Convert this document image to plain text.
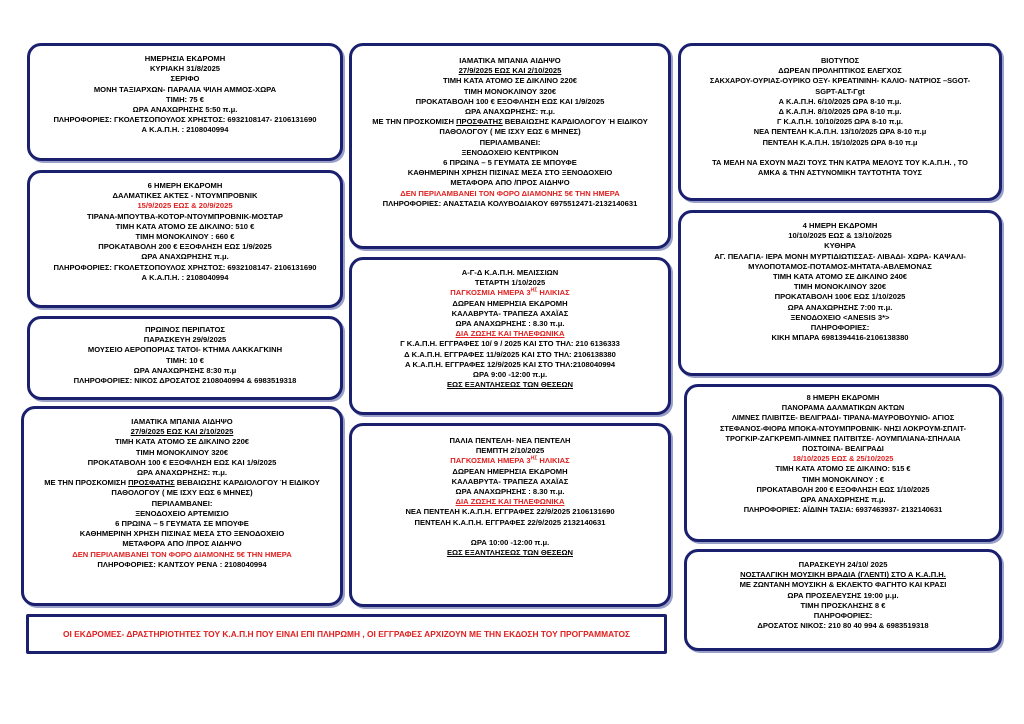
ΗΜΕΡΗΣΙΑ ΕΚΔΡΟΜΗ
ΚΥΡΙΑΚΗ 31/8/2025
ΣΕΡΙΦΟ
ΜΟΝΗ ΤΑΞΙΑΡΧΩΝ- ΠΑΡΑΛΙΑ ΨΙΛΗ ΑΜΜΟΣ-ΧΩΡΑ
ΤΙΜΗ: 75 €
ΩΡΑ ΑΝΑΧΩΡΗΣΗΣ 5:50 π.μ.
ΠΛΗΡΟΦΟΡΙΕΣ: ΓΚΟΛΕΤΣΟΠΟΥΛΟΣ ΧΡΗΣΤΟΣ: 6932108147- 2106131690
Α Κ.Α.Π.Η. : 2108040994
6 ΗΜΕΡΗ ΕΚΔΡΟΜΗ
ΔΑΛΜΑΤΙΚΕΣ ΑΚΤΕΣ - ΝΤΟΥΜΠΡΟΒΝΙΚ
15/9/2025 ΕΩΣ & 20/9/2025
ΤΙΡΑΝΑ-ΜΠΟΥΤΒΑ-ΚΟΤΟΡ-ΝΤΟΥΜΠΡΟΒΝΙΚ-ΜΟΣΤΑΡ
ΤΙΜΗ ΚΑΤΑ ΑΤΟΜΟ ΣΕ ΔΙΚΛΙΝΟ: 510 €
ΤΙΜΗ ΜΟΝΟΚΛΙΝΟΥ : 660 €
ΠΡΟΚΑΤΑΒΟΛΗ 200 € ΕΞΟΦΛΗΣΗ ΕΩΣ 1/9/2025
ΩΡΑ ΑΝΑΧΩΡΗΣΗΣ π.μ.
ΠΛΗΡΟΦΟΡΙΕΣ: ΓΚΟΛΕΤΣΟΠΟΥΛΟΣ ΧΡΗΣΤΟΣ: 6932108147- 2106131690
Α Κ.Α.Π.Η. : 2108040994
ΠΡΩΙΝΟΣ ΠΕΡΙΠΑΤΟΣ
ΠΑΡΑΣΚΕΥΗ 29/9/2025
ΜΟΥΣΕΙΟ ΑΕΡΟΠΟΡΙΑΣ ΤΑΤΟΙ- ΚΤΗΜΑ ΛΑΚΚΑΓΚΙΝΗ
ΤΙΜΗ: 10 €
ΩΡΑ ΑΝΑΧΩΡΗΣΗΣ 8:30 π.μ
ΠΛΗΡΟΦΟΡΙΕΣ: ΝΙΚΟΣ ΔΡΟΣΑΤΟΣ 2108040994 & 6983519318
ΙΑΜΑΤΙΚΑ ΜΠΑΝΙΑ ΑΙΔΗΨΟ
27/9/2025 ΕΩΣ ΚΑΙ 2/10/2025
ΤΙΜΗ ΚΑΤΑ ΑΤΟΜΟ ΣΕ ΔΙΚΛΙΝΟ 220€
ΤΙΜΗ ΜΟΝΟΚΛΙΝΟΥ 320€
ΠΡΟΚΑΤΑΒΟΛΗ 100 € ΕΞΟΦΛΗΣΗ ΕΩΣ ΚΑΙ 1/9/2025
ΩΡΑ ΑΝΑΧΩΡΗΣΗΣ: π.μ.
ΜΕ ΤΗΝ ΠΡΟΣΚΟΜΙΣΗ ΠΡΟΣΦΑΤΗΣ ΒΕΒΑΙΩΣΗΣ ΚΑΡΔΙΟΛΟΓΟΥ Ή ΕΙΔΙΚΟΥ
ΠΑΘΟΛΟΓΟΥ ( ΜΕ ΙΣΧΥ ΕΩΣ 6 ΜΗΝΕΣ)
ΠΕΡΙΛΑΜΒΑΝΕΙ:
ΞΕΝΟΔΟΧΕΙΟ ΑΡΤΕΜΙΣΙΟ
6 ΠΡΩΙΝΑ – 5 ΓΕΥΜΑΤΑ ΣΕ ΜΠΟΥΦΕ
ΚΑΘΗΜΕΡΙΝΗ ΧΡΗΣΗ ΠΙΣΙΝΑΣ ΜΕΣΑ ΣΤΟ ΞΕΝΟΔΟΧΕΙΟ
ΜΕΤΑΦΟΡΑ ΑΠΟ /ΠΡΟΣ ΑΙΔΗΨΟ
ΔΕΝ ΠΕΡΙΛΑΜΒΑΝΕΙ ΤΟΝ ΦΟΡΟ ΔΙΑΜΟΝΗΣ 5€ ΤΗΝ ΗΜΕΡΑ
ΠΛΗΡΟΦΟΡΙΕΣ: ΚΑΝΤΣΟΥ ΡΕΝΑ : 2108040994
ΙΑΜΑΤΙΚΑ ΜΠΑΝΙΑ ΑΙΔΗΨΟ
27/9/2025 ΕΩΣ ΚΑΙ 2/10/2025
ΤΙΜΗ ΚΑΤΑ ΑΤΟΜΟ ΣΕ ΔΙΚΛΙΝΟ 220€
ΤΙΜΗ ΜΟΝΟΚΛΙΝΟΥ 320€
ΠΡΟΚΑΤΑΒΟΛΗ 100 € ΕΞΟΦΛΗΣΗ ΕΩΣ ΚΑΙ 1/9/2025
ΩΡΑ ΑΝΑΧΩΡΗΣΗΣ: π.μ.
ΜΕ ΤΗΝ ΠΡΟΣΚΟΜΙΣΗ ΠΡΟΣΦΑΤΗΣ ΒΕΒΑΙΩΣΗΣ ΚΑΡΔΙΟΛΟΓΟΥ Ή ΕΙΔΙΚΟΥ
ΠΑΘΟΛΟΓΟΥ ( ΜΕ ΙΣΧΥ ΕΩΣ 6 ΜΗΝΕΣ)
ΠΕΡΙΛΑΜΒΑΝΕΙ:
ΞΕΝΟΔΟΧΕΙΟ ΚΕΝΤΡΙΚΟΝ
6 ΠΡΩΙΝΑ – 5 ΓΕΥΜΑΤΑ ΣΕ ΜΠΟΥΦΕ
ΚΑΘΗΜΕΡΙΝΗ ΧΡΗΣΗ ΠΙΣΙΝΑΣ ΜΕΣΑ ΣΤΟ ΞΕΝΟΔΟΧΕΙΟ
ΜΕΤΑΦΟΡΑ ΑΠΟ /ΠΡΟΣ ΑΙΔΗΨΟ
ΔΕΝ ΠΕΡΙΛΑΜΒΑΝΕΙ ΤΟΝ ΦΟΡΟ ΔΙΑΜΟΝΗΣ 5€ ΤΗΝ ΗΜΕΡΑ
ΠΛΗΡΟΦΟΡΙΕΣ: ΑΝΑΣΤΑΣΙΑ ΚΟΛΥΒΟΔΙΑΚΟΥ 6975512471-2132140631
Α-Γ-Δ Κ.Α.Π.Η. ΜΕΛΙΣΣΙΩΝ
ΤΕΤΑΡΤΗ 1/10/2025
ΠΑΓΚΟΣΜΙΑ ΗΜΕΡΑ $3^{H\Sigma}$ ΗΛΙΚΙΑΣ
ΔΩΡΕΑΝ ΗΜΕΡΗΣΙΑ ΕΚΔΡΟΜΗ
ΚΑΛΑΒΡΥΤΑ- ΤΡΑΠΕΖΑ ΑΧΑΪΑΣ
ΩΡΑ ΑΝΑΧΩΡΗΣΗΣ : 8.30 π.μ.
ΔΙΑ ΖΩΣΗΣ ΚΑΙ ΤΗΛΕΦΩΝΙΚΑ
Γ Κ.Α.Π.Η. ΕΓΓΡΑΦΕΣ 10/ 9 / 2025 ΚΑΙ ΣΤΟ ΤΗΛ: 210 6136333
Δ Κ.Α.Π.Η. ΕΓΓΡΑΦΕΣ 11/9/2025 ΚΑΙ ΣΤΟ ΤΗΛ: 2106138380
Α Κ.Α.Π.Η. ΕΓΓΡΑΦΕΣ 12/9/2025 ΚΑΙ ΣΤΟ ΤΗΛ:2108040994
ΩΡΑ 9:00 -12:00 π.μ.
ΕΩΣ ΕΞΑΝΤΛΗΣΕΩΣ ΤΩΝ ΘΕΣΕΩΝ
ΠΑΛΙΑ ΠΕΝΤΕΛΗ- ΝΕΑ ΠΕΝΤΕΛΗ
ΠΕΜΠΤΗ 2/10/2025
ΠΑΓΚΟΣΜΙΑ ΗΜΕΡΑ $3^{H\Sigma}$ ΗΛΙΚΙΑΣ
ΔΩΡΕΑΝ ΗΜΕΡΗΣΙΑ ΕΚΔΡΟΜΗ
ΚΑΛΑΒΡΥΤΑ- ΤΡΑΠΕΖΑ ΑΧΑΪΑΣ
ΩΡΑ ΑΝΑΧΩΡΗΣΗΣ : 8.30 π.μ.
ΔΙΑ ΖΩΣΗΣ ΚΑΙ ΤΗΛΕΦΩΝΙΚΑ
ΝΕΑ ΠΕΝΤΕΛΗ Κ.Α.Π.Η. ΕΓΓΡΑΦΕΣ 22/9/2025 2106131690
ΠΕΝΤΕΛΗ Κ.Α.Π.Η. ΕΓΓΡΑΦΕΣ 22/9/2025 2132140631
ΩΡΑ 10:00 -12:00 π.μ.
ΕΩΣ ΕΞΑΝΤΛΗΣΕΩΣ ΤΩΝ ΘΕΣΕΩΝ
ΒΙΟΤΥΠΟΣ
ΔΩΡΕΑΝ ΠΡΟΛΗΠΤΙΚΟΣ ΕΛΕΓΧΟΣ
ΣΑΚΧΑΡΟΥ-ΟΥΡΙΑΣ-ΟΥΡΙΚΟ ΟΞΥ- ΚΡΕΑΤΙΝΙΝΗ- ΚΑΛΙΟ- ΝΑΤΡΙΟΣ –SGOT-
SGPT-ALT-Γgt
Α Κ.Α.Π.Η. 6/10/2025 ΩΡΑ 8-10 π.μ.
Δ Κ.Α.Π.Η. 8/10/2025 ΩΡΑ 8-10 π.μ.
Γ Κ.Α.Π.Η. 10/10/2025 ΩΡΑ 8-10 π.μ.
ΝΕΑ ΠΕΝΤΕΛΗ Κ.Α.Π.Η. 13/10/2025 ΩΡΑ 8-10 π.μ
ΠΕΝΤΕΛΗ Κ.Α.Π.Η. 15/10/2025 ΩΡΑ 8-10 π.μ
ΤΑ ΜΕΛΗ ΝΑ ΕΧΟΥΝ ΜΑΖΙ ΤΟΥΣ ΤΗΝ ΚΑΤΡΑ ΜΕΛΟΥΣ ΤΟΥ Κ.Α.Π.Η. , ΤΟ
ΑΜΚΑ & ΤΗΝ ΑΣΤΥΝΟΜΙΚΗ ΤΑΥΤΟΤΗΤΑ ΤΟΥΣ
4 ΗΜΕΡΗ ΕΚΔΡΟΜΗ
10/10/2025 ΕΩΣ & 13/10/2025
ΚΥΘΗΡΑ
ΑΓ. ΠΕΛΑΓΙΑ- ΙΕΡΑ ΜΟΝΗ ΜΥΡΤΙΔΙΩΤΙΣΣΑΣ- ΛΙΒΑΔΙ- ΧΩΡΑ- ΚΑΨΑΛΙ-
ΜΥΛΟΠΟΤΑΜΟΣ-ΠΟΤΑΜΟΣ-ΜΗΤΑΤΑ-ΑΒΛΕΜΟΝΑΣ
ΤΙΜΗ ΚΑΤΑ ΑΤΟΜΟ ΣΕ ΔΙΚΛΙΝΟ 240€
ΤΙΜΗ ΜΟΝΟΚΛΙΝΟΥ 320€
ΠΡΟΚΑΤΑΒΟΛΗ 100€ ΕΩΣ 1/10/2025
ΩΡΑ ΑΝΑΧΩΡΗΣΗΣ 7:00 π.μ.
ΞΕΝΟΔΟΧΕΙΟ <ANESIS 3*>
ΠΛΗΡΟΦΟΡΙΕΣ:
ΚΙΚΗ ΜΠΑΡΑ 6981394416-2106138380
8 ΗΜΕΡΗ ΕΚΔΡΟΜΗ
ΠΑΝΟΡΑΜΑ ΔΑΛΜΑΤΙΚΩΝ ΑΚΤΩΝ
ΛΙΜΝΕΣ ΠΛΙΒΙΤΣΕ- ΒΕΛΙΓΡΑΔΙ- ΤΙΡΑΝΑ-ΜΑΥΡΟΒΟΥΝΙΟ- ΑΓΙΟΣ
ΣΤΕΦΑΝΟΣ-ΦΙΟΡΔ ΜΠΟΚΑ-ΝΤΟΥΜΠΡΟΒΝΙΚ- ΝΗΣΙ ΛΟΚΡΟΥΜ-ΣΠΛΙΤ-
ΤΡΟΓΚΙΡ-ΖΑΓΚΡΕΜΠ-ΛΙΜΝΕΣ ΠΛΙΤΒΙΤΣΕ- ΛΟΥΜΠΛΙΑΝΑ-ΣΠΗΛΑΙΑ
ΠΟΣΤΟΙΝΑ- ΒΕΛΙΓΡΑΔΙ
18/10/2025 ΕΩΣ & 25/10/2025
ΤΙΜΗ ΚΑΤΑ ΑΤΟΜΟ ΣΕ ΔΙΚΛΙΝΟ: 515 €
ΤΙΜΗ ΜΟΝΟΚΛΙΝΟΥ : €
ΠΡΟΚΑΤΑΒΟΛΗ 200 € ΕΞΟΦΛΗΣΗ ΕΩΣ 1/10/2025
ΩΡΑ ΑΝΑΧΩΡΗΣΗΣ π.μ.
ΠΛΗΡΟΦΟΡΙΕΣ: ΑΪΔΙΝΗ ΤΑΣΙΑ: 6937463937- 2132140631
ΠΑΡΑΣΚΕΥΗ 24/10/ 2025
ΝΟΣΤΑΛΓΙΚΗ ΜΟΥΣΙΚΗ ΒΡΑΔΙΑ (ΓΛΕΝΤΙ) ΣΤΟ Α Κ.Α.Π.Η.
ΜΕ ΖΩΝΤΑΝΗ ΜΟΥΣΙΚΗ & ΕΚΛΕΚΤΟ ΦΑΓΗΤΟ ΚΑΙ ΚΡΑΣΙ
ΩΡΑ ΠΡΟΣΕΛΕΥΣΗΣ 19:00 μ.μ.
ΤΙΜΗ ΠΡΟΣΚΛΗΣΗΣ 8 €
ΠΛΗΡΟΦΟΡΙΕΣ:
ΔΡΟΣΑΤΟΣ ΝΙΚΟΣ: 210 80 40 994 & 6983519318
ΟΙ ΕΚΔΡΟΜΕΣ- ΔΡΑΣΤΗΡΙΟΤΗΤΕΣ ΤΟΥ Κ.Α.Π.Η ΠΟΥ ΕΙΝΑΙ ΕΠΙ ΠΛΗΡΩΜΗ , ΟΙ ΕΓΓΡΑΦΕΣ ΑΡΧΙΖΟΥΝ ΜΕ ΤΗΝ ΕΚΔΟΣΗ ΤΟΥ ΠΡΟΓΡΑΜΜΑΤΟΣ
